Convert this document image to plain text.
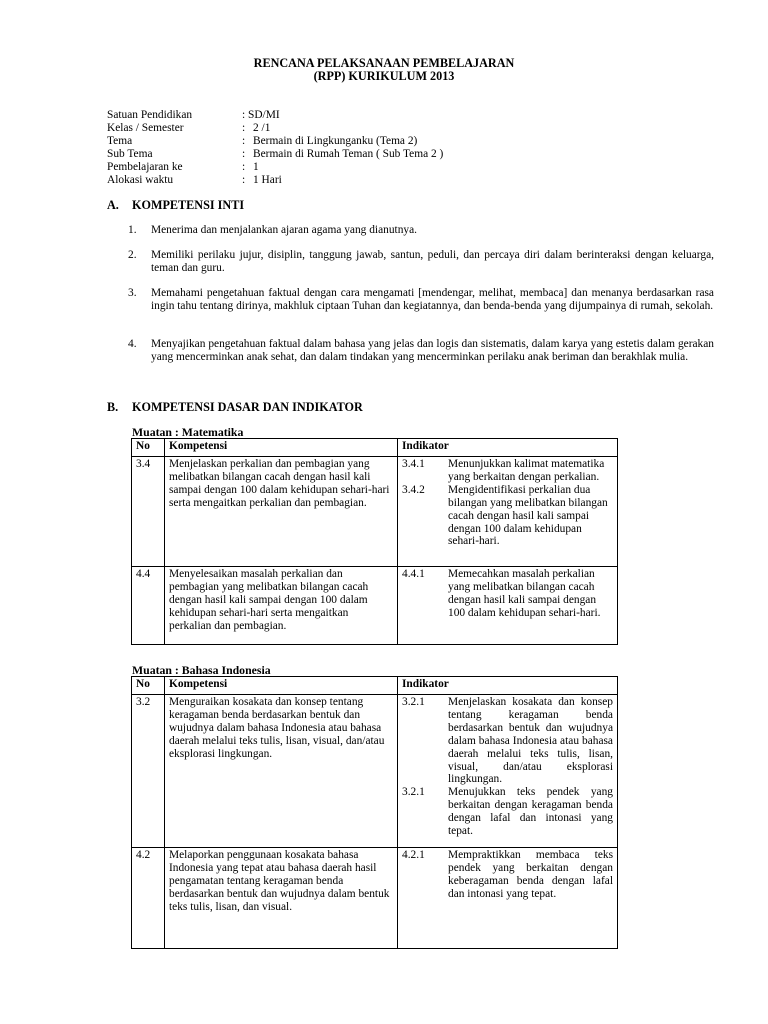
RENCANA PELAKSANAAN PEMBELAJARAN
(RPP) KURIKULUM 2013
Satuan Pendidikan	: SD/MI
Kelas / Semester	: 2 /1
Tema	: Bermain di Lingkunganku (Tema 2)
Sub Tema	: Bermain di Rumah Teman ( Sub Tema 2 )
Pembelajaran ke	: 1
Alokasi waktu	: 1 Hari
A. KOMPETENSI INTI
1. Menerima dan menjalankan ajaran agama yang dianutnya.
2. Memiliki perilaku jujur, disiplin, tanggung jawab, santun, peduli, dan percaya diri dalam berinteraksi dengan keluarga, teman dan guru.
3. Memahami pengetahuan faktual dengan cara mengamati [mendengar, melihat, membaca] dan menanya berdasarkan rasa ingin tahu tentang dirinya, makhluk ciptaan Tuhan dan kegiatannya, dan benda-benda yang dijumpainya di rumah, sekolah.
4. Menyajikan pengetahuan faktual dalam bahasa yang jelas dan logis dan sistematis, dalam karya yang estetis dalam gerakan yang mencerminkan anak sehat, dan dalam tindakan yang mencerminkan perilaku anak beriman dan berakhlak mulia.
B. KOMPETENSI DASAR DAN INDIKATOR
Muatan : Matematika
No	Kompetensi	Indikator
3.4	Menjelaskan perkalian dan pembagian yang melibatkan bilangan cacah dengan hasil kali sampai dengan 100 dalam kehidupan sehari-hari serta mengaitkan perkalian dan pembagian.	3.4.1 Menunjukkan kalimat matematika yang berkaitan dengan perkalian.
3.4.2 Mengidentifikasi perkalian dua bilangan yang melibatkan bilangan cacah dengan hasil kali sampai dengan 100 dalam kehidupan sehari-hari.

4.4	Menyelesaikan masalah perkalian dan pembagian yang melibatkan bilangan cacah dengan hasil kali sampai dengan 100 dalam kehidupan sehari-hari serta mengaitkan perkalian dan pembagian.	4.4.1 Memecahkan masalah perkalian yang melibatkan bilangan cacah dengan hasil kali sampai dengan 100 dalam kehidupan sehari-hari.
Muatan : Bahasa Indonesia
No	Kompetensi	Indikator
3.2	Menguraikan kosakata dan konsep tentang keragaman benda berdasarkan bentuk dan wujudnya dalam bahasa Indonesia atau bahasa daerah melalui teks tulis, lisan, visual, dan/atau eksplorasi lingkungan.	3.2.1 Menjelaskan kosakata dan konsep tentang keragaman benda berdasarkan bentuk dan wujudnya dalam bahasa Indonesia atau bahasa daerah melalui teks tulis, lisan, visual, dan/atau eksplorasi lingkungan.
3.2.1 Menujukkan teks pendek yang berkaitan dengan keragaman benda dengan lafal dan intonasi yang tepat.

4.2	Melaporkan penggunaan kosakata bahasa Indonesia yang tepat atau bahasa daerah hasil pengamatan tentang keragaman benda berdasarkan bentuk dan wujudnya dalam bentuk teks tulis, lisan, dan visual.	4.2.1 Mempraktikkan membaca teks pendek yang berkaitan dengan keberagaman benda dengan lafal dan intonasi yang tepat.
